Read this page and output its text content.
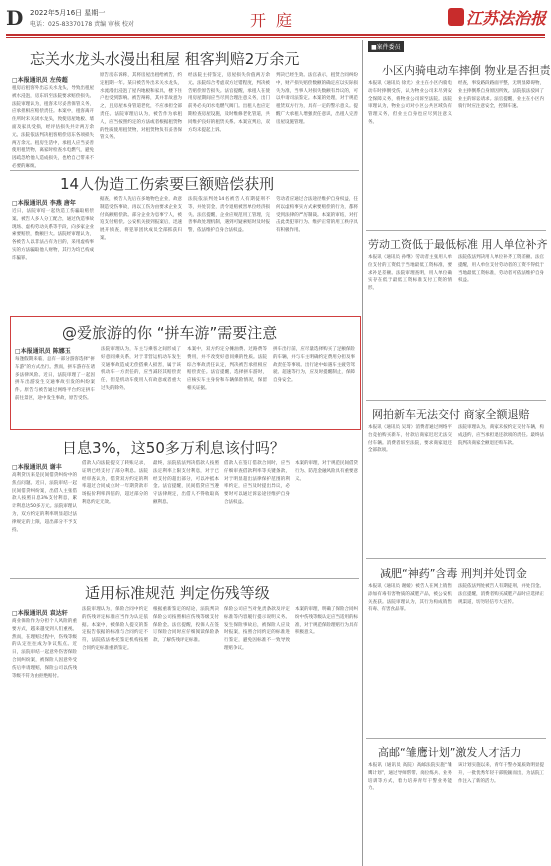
D 2022年5月16日 星期一
电话：025-83370178 责编 审核 校对	开庭	江苏法治报
忘关水龙头水漫出租屋 租客判赔2万余元
□本报通讯员 左传超
租房后租客外出忘关水龙头，导致出租屋被水浸泡，房东诉至法院要求赔偿损失。法院审理认为，租客未尽妥善保管义务，应承担相应赔偿责任。本案中，租客离开住所时未关闭水龙头，致使房屋地板、墙面及家具受损，经评估损失共计两万余元。法院依法判决租客赔偿房东各项损失两万余元。租房生活中，承租人应当妥善使用租赁物，离家时检查水电燃气，避免因疏忽给他人造成损失，也给自己带来不必要的麻烦。
原告房东诉称，其将房屋出租给被告，约定租期一年。某日被告外出未关水龙头，水流漫出浸泡了屋内地板和家具，楼下住户也受到影响。被告辩称，其并非故意为之，且房屋本身管道老化，不应承担全部责任。法院审理后认为，被告作为承租人，应当按照约定的方法或者根据租赁物的性质使用租赁物，对租赁物负有妥善保管义务。
经法院主持鉴定，房屋损失价值两万余元。法院综合考虑双方过错程度，判决被告赔偿原告损失。法官提醒，承租人在使用房屋期间应当尽到合理注意义务，出门前务必关闭水电燃气阀门。出租人也应定期检查房屋设施，及时维修老化管道，共同维护良好的租赁关系。本案宣判后，双方均未提起上诉。
判决已经生效。法官表示，租赁合同纠纷中，财产损失赔偿数额的确定应以实际损失为准，当事人对损失数额有异议的，可以申请司法鉴定。本案的处理，对于规范租赁双方行为，具有一定的警示意义。提醒广大承租人增强责任意识，出租人完善房屋设施管理。
14人伪造工伤索要巨额赔偿获刑
□本报通讯员 李燕 唐年
近日，法院审结一起伪造工伤骗取赔偿案。被告人多人分工配合，通过伪造事故现场、虚构劳动关系等手段，向多家企业索要赔偿，数额巨大。法院经审理认为，各被告人以非法占有为目的，采用虚构事实的方法骗取他人财物，其行为均已构成诈骗罪。
据查，被告人先后在多地物色企业，故意制造受伤事故，再以工伤为由要求企业支付高额赔偿款。部分企业为息事宁人，被迫支付赔偿。公安机关接到报案后，迅速展开侦查，将犯罪团伙成员全部抓获归案。
法院依法判处14名被告人有期徒刑不等，并处罚金，责令退赔被害单位经济损失。法官提醒，企业应规范用工管理，完善事故处理机制，遇到可疑索赔时及时报警，依法维护自身合法权益。
劳动者应通过合法途径维护自身权益，任何以虚构事实方式索要赔偿的行为，都将受到法律的严厉制裁。本案的审结，对打击此类犯罪行为、维护正常的用工秩序具有积极作用。
@爱旅游的你 “拼车游”需要注意
□本报通讯员 陈娜玉
每逢假期来临，总有一部分游客选择“拼车游”的方式出行。然而，拼车游存在诸多法律风险。近日，法院审理了一起因拼车出游发生交通事故引发的纠纷案件。原告与被告通过网络平台约定拼车前往景区，途中发生事故，原告受伤。
法院审理认为，车主与乘客之间形成了好意同乘关系，对于非营运机动车发生交通事故造成无偿搭乘人损害，属于该机动车一方责任的，应当减轻其赔偿责任，但是机动车使用人有故意或者重大过失的除外。
本案中，双方约定分摊油费、过路费等费用，并不改变好意同乘的性质。法院综合事故责任认定，判决被告承担相应赔偿责任。法官提醒，选择拼车游时，应核实车主身份和车辆保险情况，保留相关证据。
拼车出行前，应尽量选择购买了足额保险的车辆，并与车主明确约定费用分担及事故责任等事项。出行途中如遇车主疲劳驾驶、超速等行为，应及时提醒制止，保障自身安全。
日息3%，这50多万利息该付吗？
□本报通讯员 谢丰
高利贷历来是民间借贷纠纷中的焦点问题。近日，法院审结一起民间借贷纠纷案，出借人主张借款人按照日息3%支付利息，累计利息达50多万元。法院审理认为，双方约定的利率明显超过法律规定的上限，超出部分不予支持。
借款人向法院提交了转账记录，证明已经支付了部分利息。法院经审查认为，借贷双方约定的利率超过合同成立时一年期贷款市场报价利率四倍的，超过部分的利息约定无效。
最终，法院依法判决借款人按照法定利率上限支付利息，对于已经支付的超出部分，可以冲抵本金。法官提醒，民间借贷应当遵守法律规定，出借人不得收取高额利息。
借款人在签订借款合同时，应当仔细审查借款利率等关键条款，对于明显超出法律保护范围的利率约定，应当及时提出异议，必要时可以通过诉讼途径维护自身合法权益。
本案的审理，对于规范民间借贷行为、防范金融风险具有重要意义。
适用标准规范 判定伤残等级
□本报通讯员 袁达轩
商业保险作为分担个人风险的重要方式，越来越受到人们重视。然而，在理赔过程中，伤残等级的认定往往成为争议焦点。近日，法院审结一起意外伤害保险合同纠纷案，被保险人因意外受伤后申请理赔，保险公司以伤残等级不符为由拒绝赔付。
法院审理认为，保险合同中约定的伤残评定标准应当作为认定依据。本案中，被保险人提交的鉴定报告依据的标准与合同约定不符，法院依法委托鉴定机构按照合同约定标准重新鉴定。
根据重新鉴定的结论，法院判决保险公司按照相应伤残等级支付保险金。法官提醒，投保人在签订保险合同时应仔细阅读保险条款，了解伤残评定标准。
保险公司应当对免责条款及评定标准等内容履行提示说明义务。发生保险事故后，被保险人应及时报案，按照合同约定的标准进行鉴定，避免因标准不一致导致理赔争议。
本案的审理，明确了保险合同纠纷中伤残等级认定应当适用的标准，对于规范保险理赔行为具有积极意义。
■案件委员
小区内骑电动车摔倒 物业是否担责
本报讯（通讯员 徐光）业主在小区内骑电动车时摔倒受伤，认为物业公司未尽到安全保障义务，将物业公司诉至法院。法院审理认为，物业公司对小区公共区域负有管理义务，但业主自身也应尽到注意义务。
经查，事发路段路面平整，无明显障碍物，业主摔倒系自身原因所致。法院依法驳回了业主的诉讼请求。法官提醒，业主在小区内骑行时应注意安全，控制车速。
劳动工资低于最低标准 用人单位补齐
本报讯（通讯员 孙继）劳动者主张用人单位支付的工资低于当地最低工资标准，要求补足差额。法院审理查明，用人单位确实存在低于最低工资标准支付工资的情形。
法院依法判决用人单位补齐工资差额。法官提醒，用人单位支付劳动者的工资不得低于当地最低工资标准，劳动者可依法维护自身权益。
网拍新车无法交付 商家全额退赔
本报讯（通讯员 吴琦）消费者通过网络平台竞拍购买新车，付款后商家迟迟无法交付车辆。消费者诉至法院，要求商家退还全部款项。
法院审理认为，商家未按约定交付车辆，构成违约，应当承担退还款项的责任。最终法院判决商家全额退还购车款。
减肥“神药”含毒 刑判并处罚金
本报讯（通讯员 谢媛）被告人在网上销售添加有毒有害物质的减肥产品，被公安机关查获。法院审理认为，其行为构成销售有毒、有害食品罪。
法院依法判处被告人有期徒刑，并处罚金。法官提醒，消费者购买减肥产品时应选择正规渠道，切勿轻信夸大宣传。
高邮“雏鹰计划”激发人才活力
本报讯（通讯员 高院）高邮法院实施“雏鹰计划”，通过导师帮带、岗位练兵、业务培训等方式，着力培养青年干警业务能力。
该计划实施以来，青年干警办案质效明显提升，一批优秀年轻干部脱颖而出，为法院工作注入了新的活力。
